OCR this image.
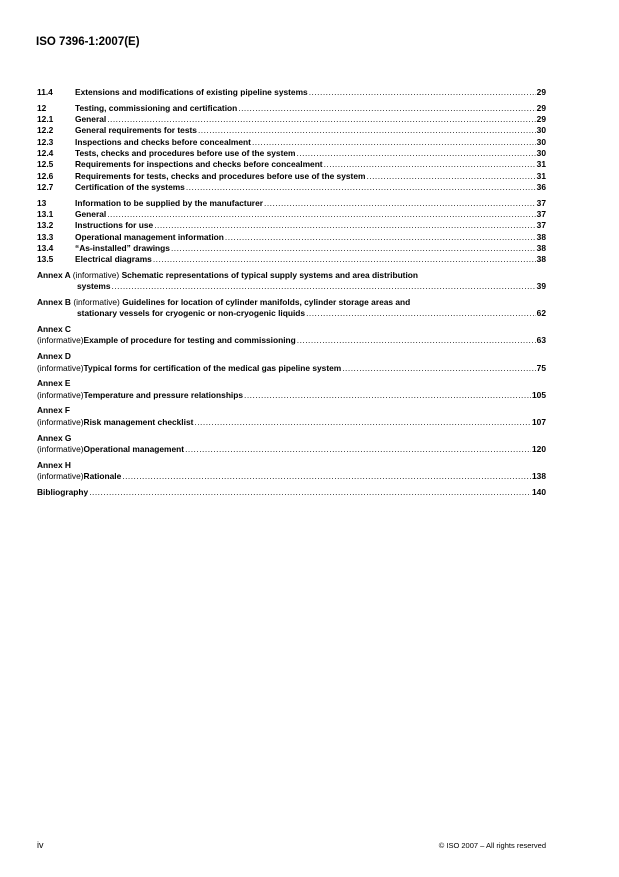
ISO 7396-1:2007(E)
11.4	Extensions and modifications of existing pipeline systems .....	29
12	Testing, commissioning and certification .....	29
12.1	General .....	29
12.2	General requirements for tests .....	30
12.3	Inspections and checks before concealment .....	30
12.4	Tests, checks and procedures before use of the system .....	30
12.5	Requirements for inspections and checks before concealment .....	31
12.6	Requirements for tests, checks and procedures before use of the system .....	31
12.7	Certification of the systems .....	36
13	Information to be supplied by the manufacturer .....	37
13.1	General .....	37
13.2	Instructions for use .....	37
13.3	Operational management information .....	38
13.4	“As-installed” drawings .....	38
13.5	Electrical diagrams .....	38
Annex A (informative) Schematic representations of typical supply systems and area distribution
systems .....	39
Annex B (informative) Guidelines for location of cylinder manifolds, cylinder storage areas and
stationary vessels for cryogenic or non-cryogenic liquids .....	62
Annex C (informative) Example of procedure for testing and commissioning .....	63
Annex D (informative) Typical forms for certification of the medical gas pipeline system .....	75
Annex E (informative) Temperature and pressure relationships .....	105
Annex F (informative) Risk management checklist .....	107
Annex G (informative) Operational management .....	120
Annex H (informative) Rationale .....	138
Bibliography .....	140
iv	© ISO 2007 – All rights reserved
